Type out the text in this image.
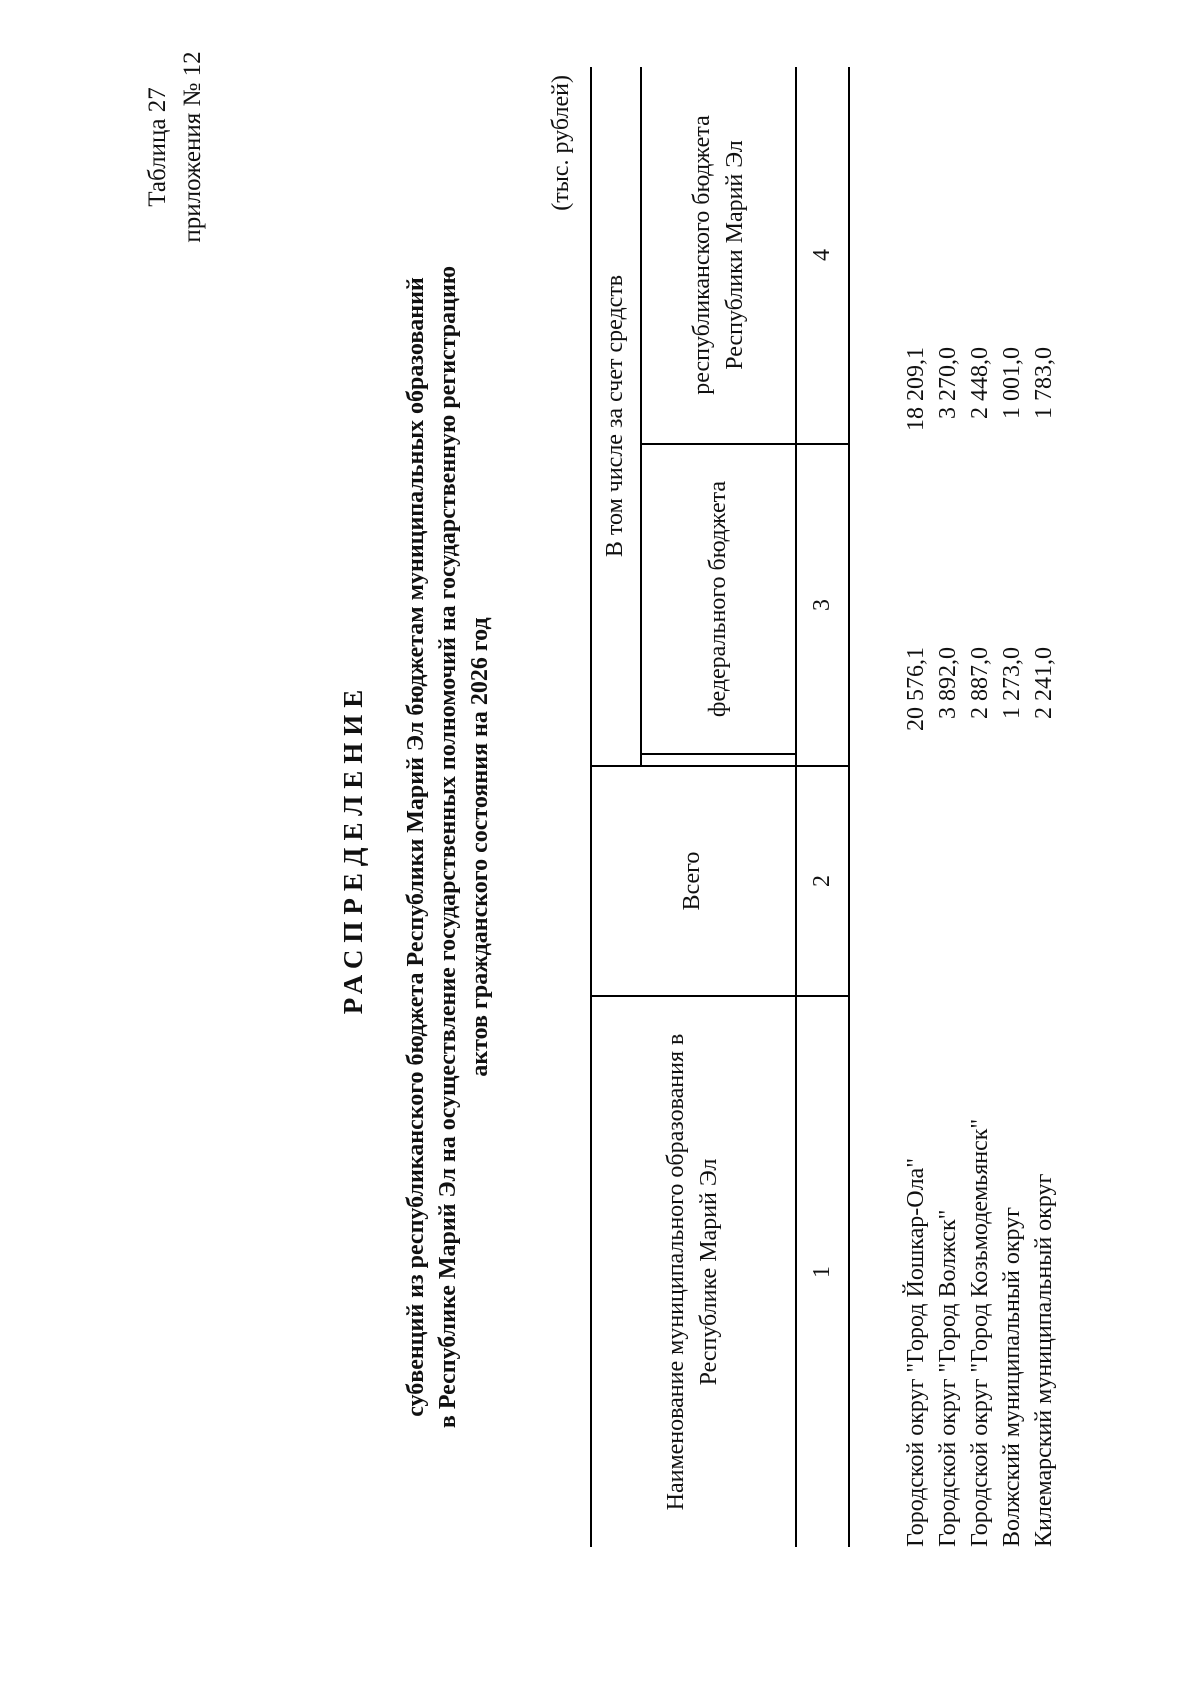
Таблица 27 приложения № 12
РАСПРЕДЕЛЕНИЕ субвенций из республиканского бюджета Республики Марий Эл бюджетам муниципальных образований в Республике Марий Эл на осуществление государственных полномочий на государственную регистрацию актов гражданского состояния на 2026 год
(тыс. рублей)
Наименование муниципального образования в Республике Марий Эл
Всего
В том числе за счет средств
федерального бюджета
республиканского бюджета Республики Марий Эл
1
2
3
4
Городской округ "Город Йошкар-Ола"
20 576,1
18 209,1
Городской округ "Город Волжск"
3 892,0
3 270,0
Городской округ "Город Козьмодемьянск"
2 887,0
2 448,0
Волжский муниципальный округ
1 273,0
1 001,0
Килемарский муниципальный округ
2 241,0
1 783,0
